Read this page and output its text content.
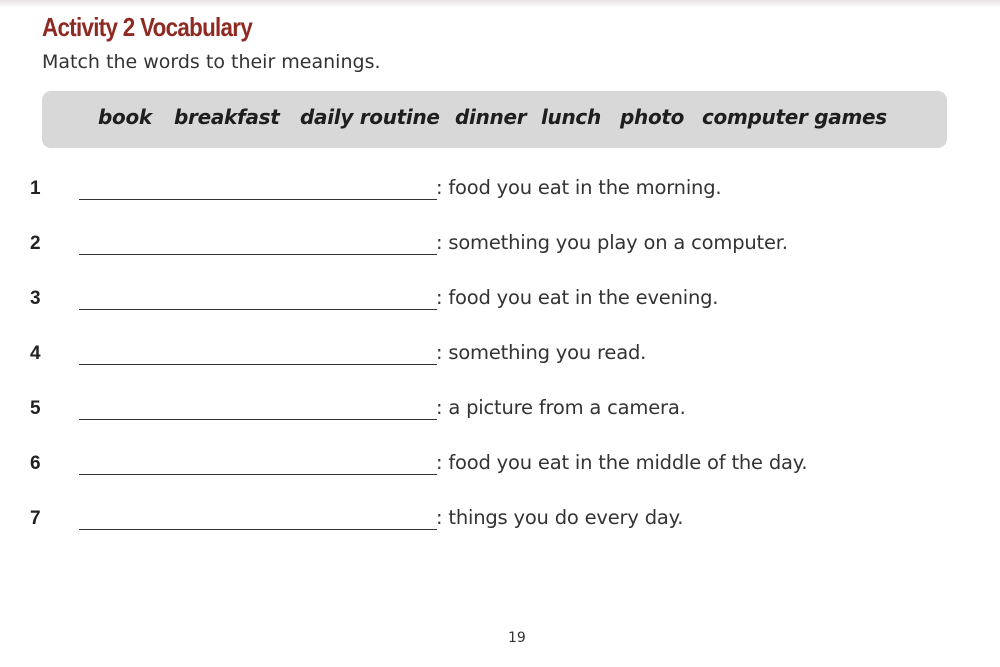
Activity 2 Vocabulary
Match the words to their meanings.
book breakfast daily routine dinner lunch photo computer games
1	: food you eat in the morning.
2	: something you play on a computer.
3	: food you eat in the evening.
4	: something you read.
5	: a picture from a camera.
6	: food you eat in the middle of the day.
7	: things you do every day.
19
